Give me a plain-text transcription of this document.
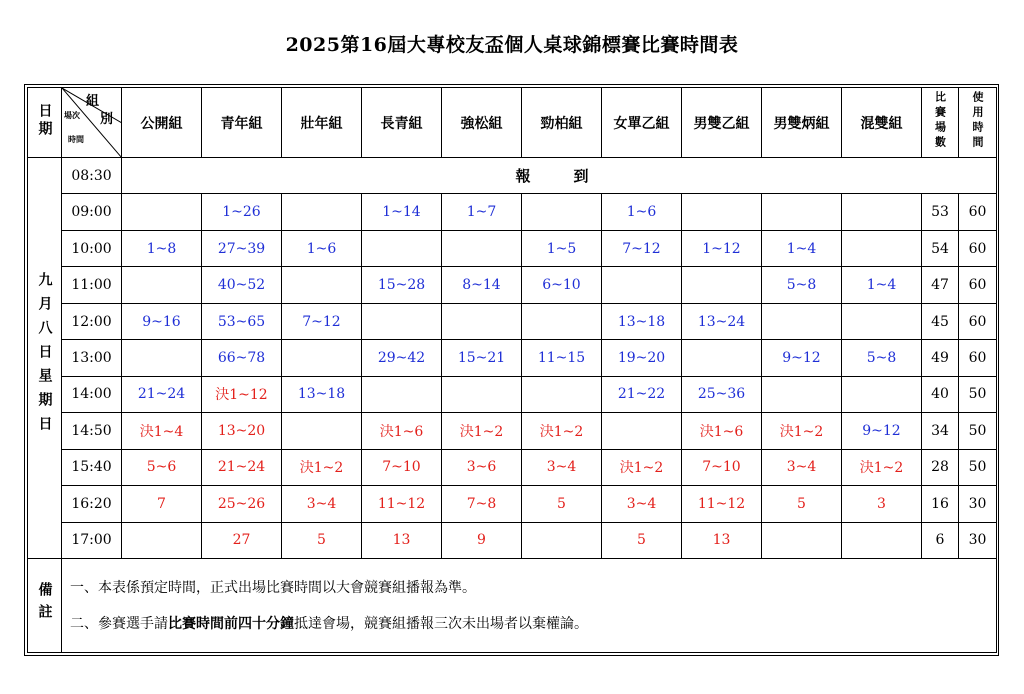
2025第16屆大專校友盃個人桌球錦標賽比賽時間表
日期	組
別
場次
時間	公開組	青年組	壯年組	長青組	強松組	勁柏組	女單乙組	男雙乙組	男雙炳組	混雙組	比賽場數	使用時間
九月八日星期日	08:30	報　到											
	09:00		1~26		1~14	1~7		1~6				53	60
	10:00	1~8	27~39	1~6			1~5	7~12	1~12	1~4		54	60
	11:00		40~52		15~28	8~14	6~10			5~8	1~4	47	60
	12:00	9~16	53~65	7~12				13~18	13~24			45	60
	13:00		66~78		29~42	15~21	11~15	19~20		9~12	5~8	49	60
	14:00	21~24	決1~12	13~18				21~22	25~36			40	50
	14:50	決1~4	13~20		決1~6	決1~2	決1~2		決1~6	決1~2	9~12	34	50
	15:40	5~6	21~24	決1~2	7~10	3~6	3~4	決1~2	7~10	3~4	決1~2	28	50
	16:20	7	25~26	3~4	11~12	7~8	5	3~4	11~12	5	3	16	30
	17:00		27	5	13	9		5	13			6	30
備註	一、本表係預定時間，正式出場比賽時間以大會競賽組播報為準。
二、參賽選手請比賽時間前四十分鐘抵達會場，競賽組播報三次未出場者以棄權論。												
